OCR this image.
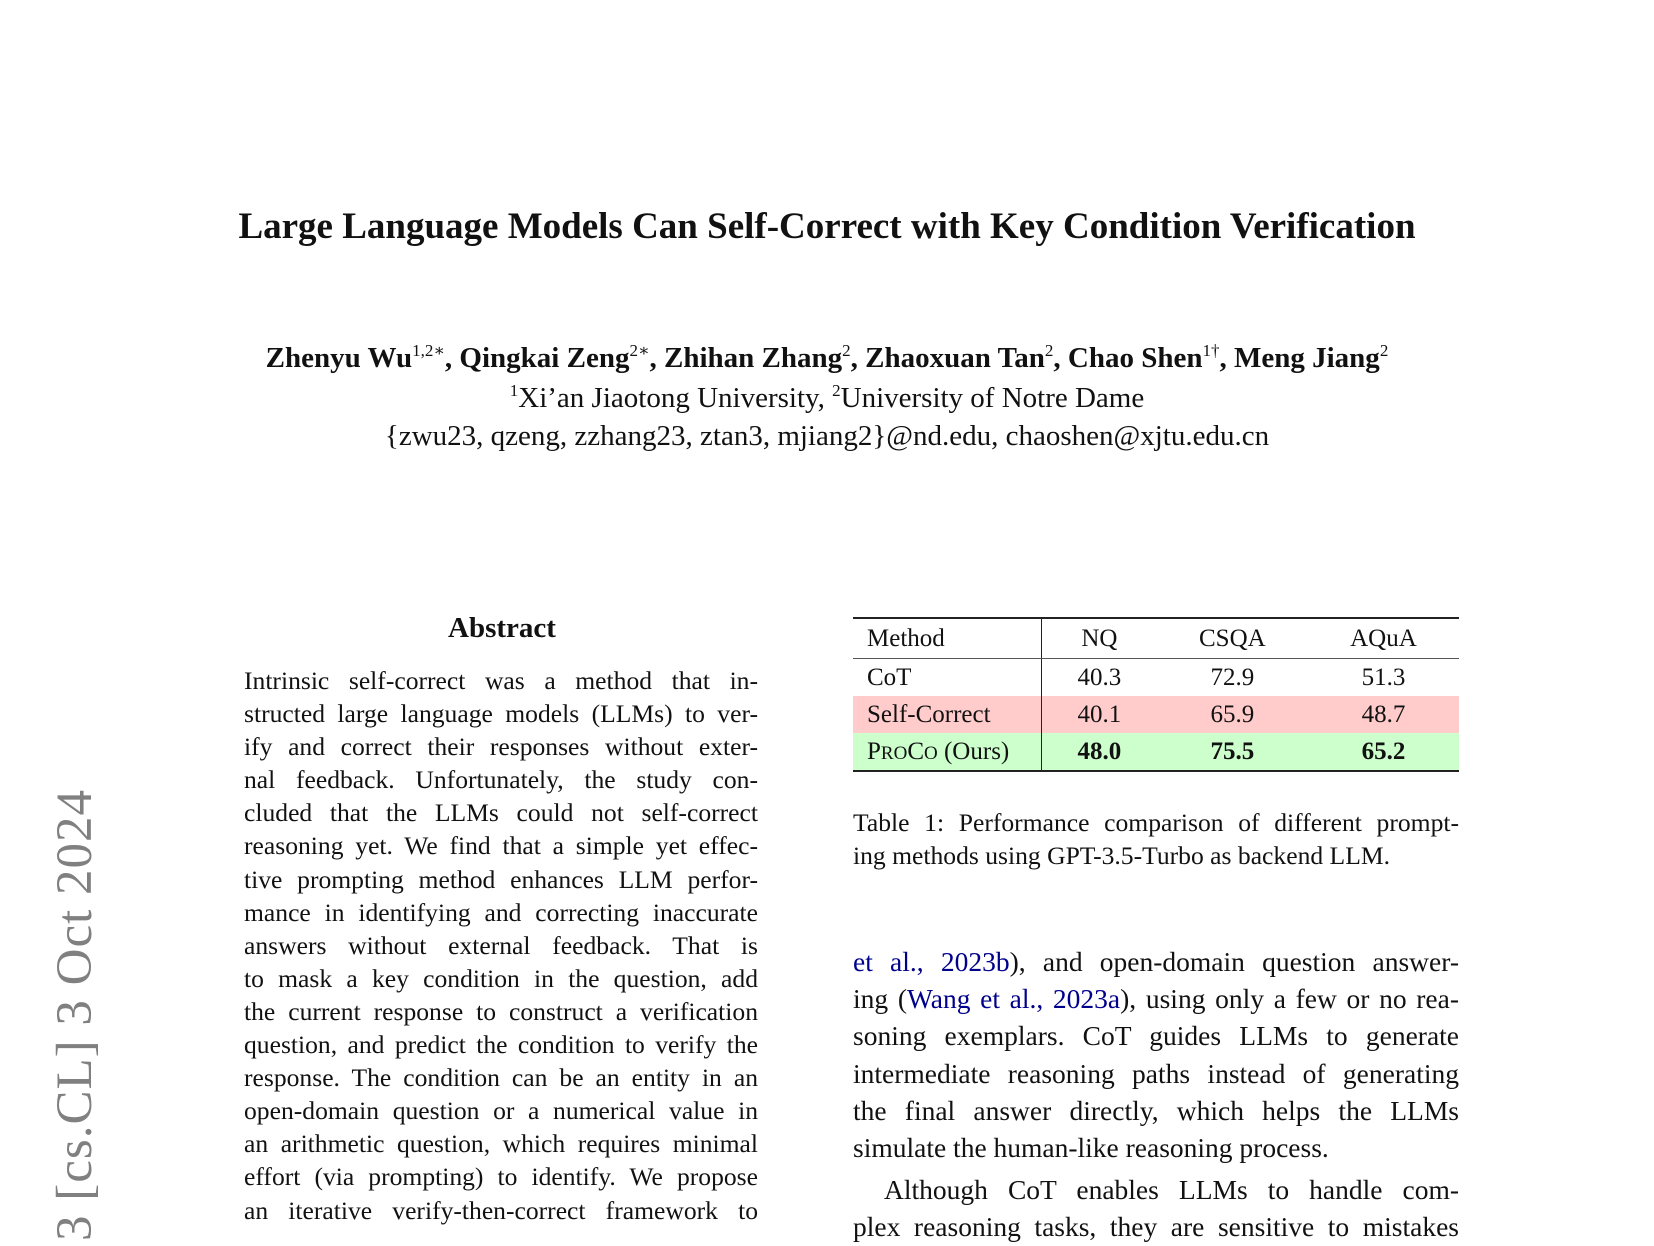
Large Language Models Can Self-Correct with Key Condition Verification
Zhenyu $Wu^{1,2∗}$, Qingkai Zeng$^{2∗}$, Zhihan Zhang$^2$, Zhaoxuan Tan$^2$, Chao Shen$^{1\dagger}$, Meng Jiang$^2$
$^1$Xi’an Jiaotong University, $^2$University of Notre Dame
{zwu23, qzeng, zzhang23, ztan3, mjiang2}@nd.edu, chaoshen@xjtu.edu.cn
3 [cs.CL] 3 Oct 2024
Abstract
Intrinsic self-correct was a method that in-
structed large language models (LLMs) to ver-
ify and correct their responses without exter-
nal feedback. Unfortunately, the study con-
cluded that the LLMs could not self-correct
reasoning yet. We find that a simple yet effec-
tive prompting method enhances LLM perfor-
mance in identifying and correcting inaccurate
answers without external feedback. That is
to mask a key condition in the question, add
the current response to construct a verification
question, and predict the condition to verify the
response. The condition can be an entity in an
open-domain question or a numerical value in
an arithmetic question, which requires minimal
effort (via prompting) to identify. We propose
an iterative verify-then-correct framework to
Method	NQ	CSQA	AQuA
CoT	40.3	72.9	51.3
Self-Correct	40.1	65.9	48.7
PROCO (Ours)	48.0	75.5	65.2
Table 1: Performance comparison of different prompt-
ing methods using GPT-3.5-Turbo as backend LLM.
et al., 2023b), and open-domain question answer-
ing (Wang et al., 2023a), using only a few or no rea-
soning exemplars. CoT guides LLMs to generate
intermediate reasoning paths instead of generating
the final answer directly, which helps the LLMs
simulate the human-like reasoning process.
Although CoT enables LLMs to handle com-
plex reasoning tasks, they are sensitive to mistakes
